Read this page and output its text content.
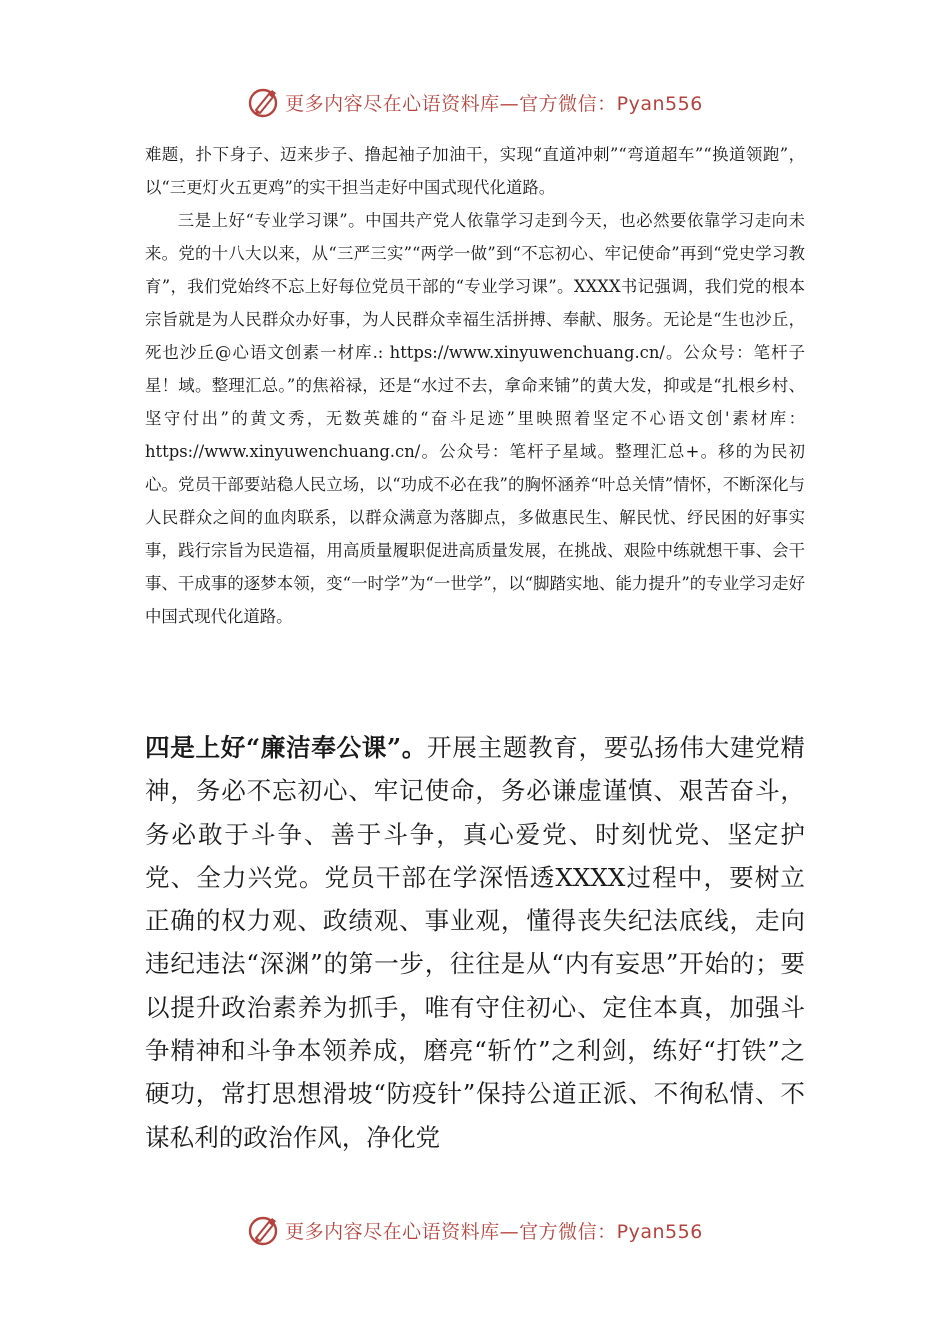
更多内容尽在心语资料库—官方微信：Pyan556

难题，扑下身子、迈来步子、撸起袖子加油干，实现“直道冲刺”“弯道超车”“换道领跑”，以“三更灯火五更鸡”的实干担当走好中国式现代化道路。

三是上好“专业学习课”。中国共产党人依靠学习走到今天，也必然要依靠学习走向未来。党的十八大以来，从“三严三实”“两学一做”到“不忘初心、牢记使命”再到“党史学习教育”，我们党始终不忘上好每位党员干部的“专业学习课”。XXXX书记强调，我们党的根本宗旨就是为人民群众办好事，为人民群众幸福生活拼搏、奉献、服务。无论是“生也沙丘，死也沙丘@心语文创素一材库.: https://www.xinyuwenchuang.cn/。公众号：笔杆子星！域。整理汇总。”的焦裕禄，还是“水过不去，拿命来铺”的黄大发，抑或是“扎根乡村、坚守付出”的黄文秀，无数英雄的“奋斗足迹”里映照着坚定不心语文创'素材库：https://www.xinyuwenchuang.cn/。公众号：笔杆子星域。整理汇总+。移的为民初心。党员干部要站稳人民立场，以“功成不必在我”的胸怀涵养“叶总关情”情怀，不断深化与人民群众之间的血肉联系，以群众满意为落脚点，多做惠民生、解民忧、纾民困的好事实事，践行宗旨为民造福，用高质量履职促进高质量发展，在挑战、艰险中练就想干事、会干事、干成事的逐梦本领，变“一时学”为“一世学”，以“脚踏实地、能力提升”的专业学习走好中国式现代化道路。

四是上好“廉洁奉公课”。开展主题教育，要弘扬伟大建党精神，务必不忘初心、牢记使命，务必谦虚谨慎、艰苦奋斗，务必敢于斗争、善于斗争，真心爱党、时刻忧党、坚定护党、全力兴党。党员干部在学深悟透XXXX过程中，要树立正确的权力观、政绩观、事业观，懂得丧失纪法底线，走向违纪违法“深渊”的第一步，往往是从“内有妄思”开始的；要以提升政治素养为抓手，唯有守住初心、定住本真，加强斗争精神和斗争本领养成，磨亮“斩竹”之利剑，练好“打铁”之硬功，常打思想滑坡“防疫针”保持公道正派、不徇私情、不谋私利的政治作风，净化党

更多内容尽在心语资料库—官方微信：Pyan556
